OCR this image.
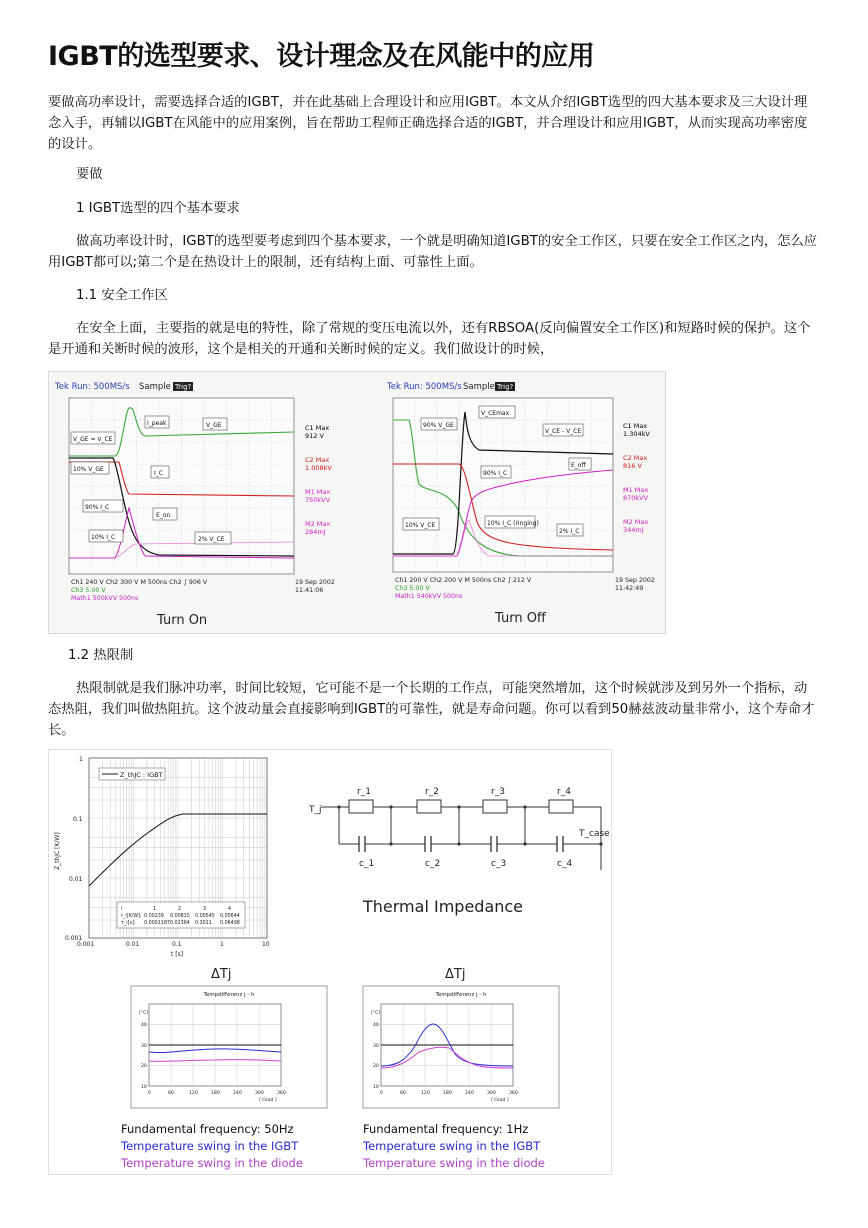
IGBT的选型要求、设计理念及在风能中的应用

要做高功率设计，需要选择合适的IGBT，并在此基础上合理设计和应用IGBT。本文从介绍IGBT选型的四大基本要求及三大设计理念入手，再辅以IGBT在风能中的应用案例，旨在帮助工程师正确选择合适的IGBT，并合理设计和应用IGBT，从而实现高功率密度的设计。

要做

1 IGBT选型的四个基本要求

做高功率设计时，IGBT的选型要考虑到四个基本要求，一个就是明确知道IGBT的安全工作区，只要在安全工作区之内，怎么应用IGBT都可以;第二个是在热设计上的限制，还有结构上面、可靠性上面。

1.1 安全工作区

在安全上面，主要指的就是电的特性，除了常规的变压电流以外，还有RBSOA(反向偏置安全工作区)和短路时候的保护。这个是开通和关断时候的波形，这个是相关的开通和关断时候的定义。我们做设计的时候，

Tek Run: 500MS/s Sample Trig?
V_GE = V_CE
I_peak	V_GE
10% V_GE
I_C
90% I_C
E_on
10% I_C	2% V_CE
C1 Max
912 V
C2 Max
1.008kV
M1 Max
750kVV
M2 Max
284mJ
Ch1 240 V Ch2 300 V M 500ns Ch2 ∫ 906 V
Ch3 5.00 V
Math1 500kVV 500ns
19 Sep 2002
11:41:06
Turn On
Tek Run: 500MS/s Sample Trig?
90% V_GE
V_CEmax
V_CE - V_CE
90% I_C
E_off
10% V_CE	10% I_C (ringing)
2% I_C
C1 Max
1.304kV
C2 Max
816 V
M1 Max
870kVV
M2 Max
344mJ
Ch1 200 V Ch2 200 V M 500ns Ch2 ∫ 212 V
Ch3 5.00 V
Math1 540kVV 500ns
19 Sep 2002
11:42:49
Turn Off

1.2 热限制

热限制就是我们脉冲功率，时间比较短，它可能不是一个长期的工作点，可能突然增加，这个时候就涉及到另外一个指标，动态热阻，我们叫做热阻抗。这个波动量会直接影响到IGBT的可靠性，就是寿命问题。你可以看到50赫兹波动量非常小，这个寿命才长。

Z_thJC : IGBT
i	1	2	3	4
r_i[K/W]: 0.00239 0.00815 0.00545 0.05644
τ_i[s]: 0.0001187 0.02364 0.3011 0.06498
1
0.1
0.01
0.001
0.001	0.01	0.1	1	10
t [s]
Z_thJC [K/W]
T_j
T_case
r_1	r_2	r_3	r_4
c_1	c_2	c_3	c_4
Thermal Impedance
ΔTj	ΔTj
Tempdifferenz j - h
[°C]
40
30
20
10
0	60	120	180	240	300	360
[ Grad ]
Tempdifferenz j - h
[°C]
40
30
20
10
0	60	120	180	240	300	360
[ Grad ]
Fundamental frequency: 50Hz
Temperature swing in the IGBT
Temperature swing in the diode
Fundamental frequency: 1Hz
Temperature swing in the IGBT
Temperature swing in the diode
